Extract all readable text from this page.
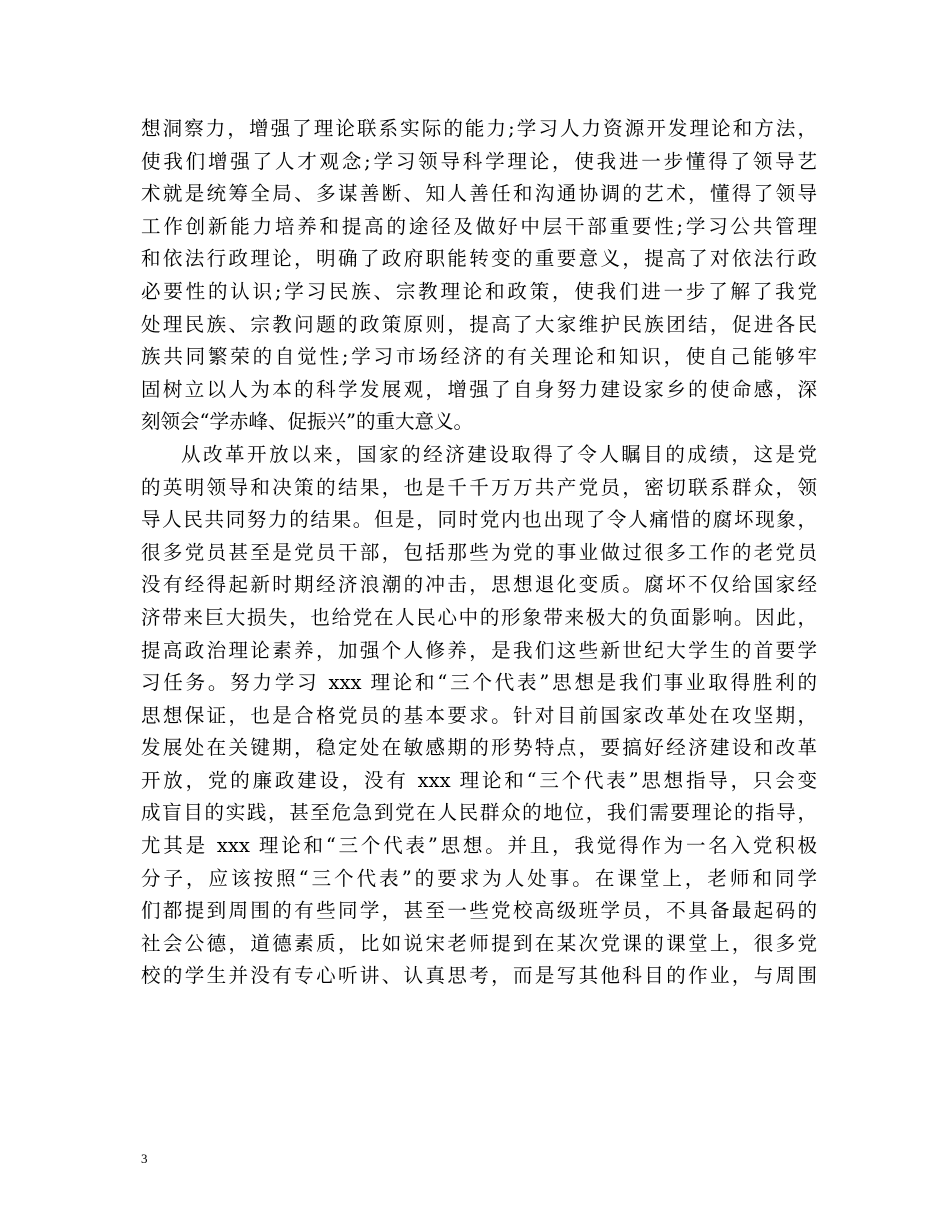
想洞察力，增强了理论联系实际的能力;学习人力资源开发理论和方法，
使我们增强了人才观念;学习领导科学理论，使我进一步懂得了领导艺
术就是统筹全局、多谋善断、知人善任和沟通协调的艺术，懂得了领导
工作创新能力培养和提高的途径及做好中层干部重要性;学习公共管理
和依法行政理论，明确了政府职能转变的重要意义，提高了对依法行政
必要性的认识;学习民族、宗教理论和政策，使我们进一步了解了我党
处理民族、宗教问题的政策原则，提高了大家维护民族团结，促进各民
族共同繁荣的自觉性;学习市场经济的有关理论和知识，使自己能够牢
固树立以人为本的科学发展观，增强了自身努力建设家乡的使命感，深
刻领会“学赤峰、促振兴”的重大意义。
从改革开放以来，国家的经济建设取得了令人瞩目的成绩，这是党
的英明领导和决策的结果，也是千千万万共产党员，密切联系群众，领
导人民共同努力的结果。但是，同时党内也出现了令人痛惜的腐坏现象，
很多党员甚至是党员干部，包括那些为党的事业做过很多工作的老党员
没有经得起新时期经济浪潮的冲击，思想退化变质。腐坏不仅给国家经
济带来巨大损失，也给党在人民心中的形象带来极大的负面影响。因此，
提高政治理论素养，加强个人修养，是我们这些新世纪大学生的首要学
习任务。努力学习 xxx 理论和“三个代表”思想是我们事业取得胜利的
思想保证，也是合格党员的基本要求。针对目前国家改革处在攻坚期，
发展处在关键期，稳定处在敏感期的形势特点，要搞好经济建设和改革
开放，党的廉政建设，没有 xxx 理论和“三个代表”思想指导，只会变
成盲目的实践，甚至危急到党在人民群众的地位，我们需要理论的指导，
尤其是 xxx 理论和“三个代表”思想。并且，我觉得作为一名入党积极
分子，应该按照“三个代表”的要求为人处事。在课堂上，老师和同学
们都提到周围的有些同学，甚至一些党校高级班学员，不具备最起码的
社会公德，道德素质，比如说宋老师提到在某次党课的课堂上，很多党
校的学生并没有专心听讲、认真思考，而是写其他科目的作业，与周围
3
